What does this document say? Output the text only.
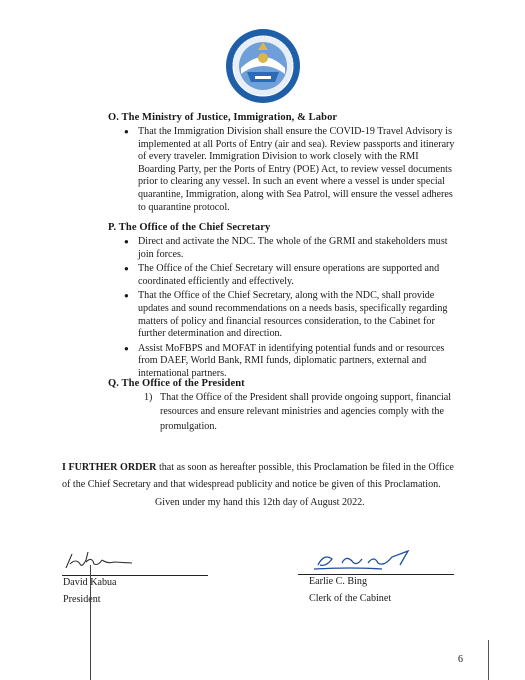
O. The Ministry of Justice, Immigration, & Labor
● That the Immigration Division shall ensure the COVID-19 Travel Advisory is
implemented at all Ports of Entry (air and sea). Review passports and itinerary
of every traveler. Immigration Division to work closely with the RMI
Boarding Party, per the Ports of Entry (POE) Act, to review vessel documents
prior to clearing any vessel. In such an event where a vessel is under special
quarantine, Immigration, along with Sea Patrol, will ensure the vessel adheres
to quarantine protocol.
P. The Office of the Chief Secretary
● Direct and activate the NDC. The whole of the GRMI and stakeholders must
join forces.
● The Office of the Chief Secretary will ensure operations are supported and
coordinated efficiently and effectively.
● That the Office of the Chief Secretary, along with the NDC, shall provide
updates and sound recommendations on a needs basis, specifically regarding
matters of policy and financial resources consideration, to the Cabinet for
further determination and direction.
● Assist MoFBPS and MOFAT in identifying potential funds and or resources
from DAEF, World Bank, RMI funds, diplomatic partners, external and
international partners.
Q. The Office of the President
1) That the Office of the President shall provide ongoing support, financial
resources and ensure relevant ministries and agencies comply with the
promulgation.

I FURTHER ORDER that as soon as hereafter possible, this Proclamation be filed in the Office
of the Chief Secretary and that widespread publicity and notice be given of this Proclamation.

Given under my hand this 12th day of August 2022.
David Kabua
President
Earlie C. Bing
Clerk of the Cabinet
6
